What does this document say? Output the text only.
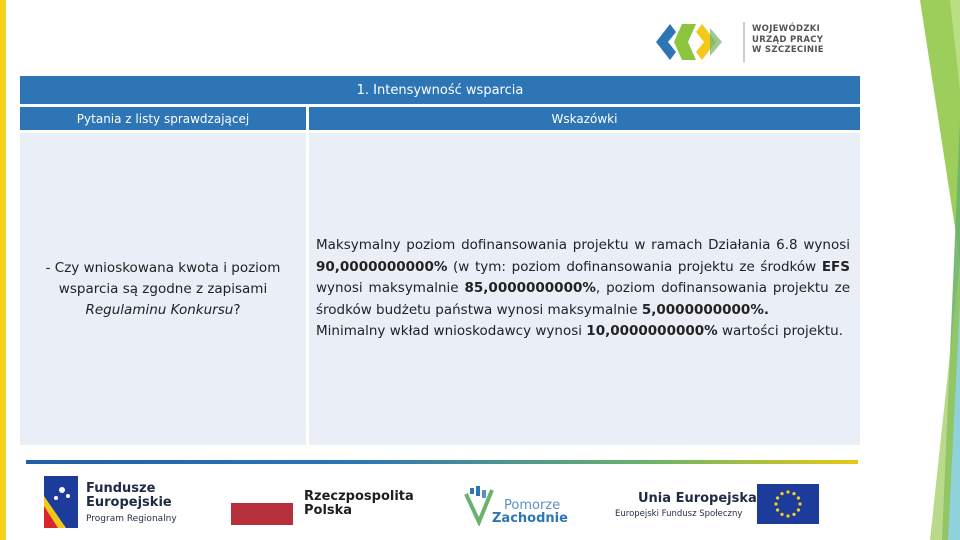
WOJEWÓDZKI
URZĄD PRACY
W SZCZECINIE
1. Intensywność wsparcia
Pytania z listy sprawdzającej	Wskazówki
- Czy wnioskowana kwota i poziom wsparcia są zgodne z zapisami Regulaminu Konkursu?

Maksymalny poziom dofinansowania projektu w ramach Działania 6.8 wynosi 90,0000000000% (w tym: poziom dofinansowania projektu ze środków EFS wynosi maksymalnie 85,0000000000%, poziom dofinansowania projektu ze środków budżetu państwa wynosi maksymalnie 5,0000000000%.

Minimalny wkład wnioskodawcy wynosi 10,0000000000% wartości projektu.

Fundusze
Europejskie
Program Regionalny
Rzeczpospolita
Polska	Pomorze
Zachodnie
Unia Europejska
Europejski Fundusz Społeczny
